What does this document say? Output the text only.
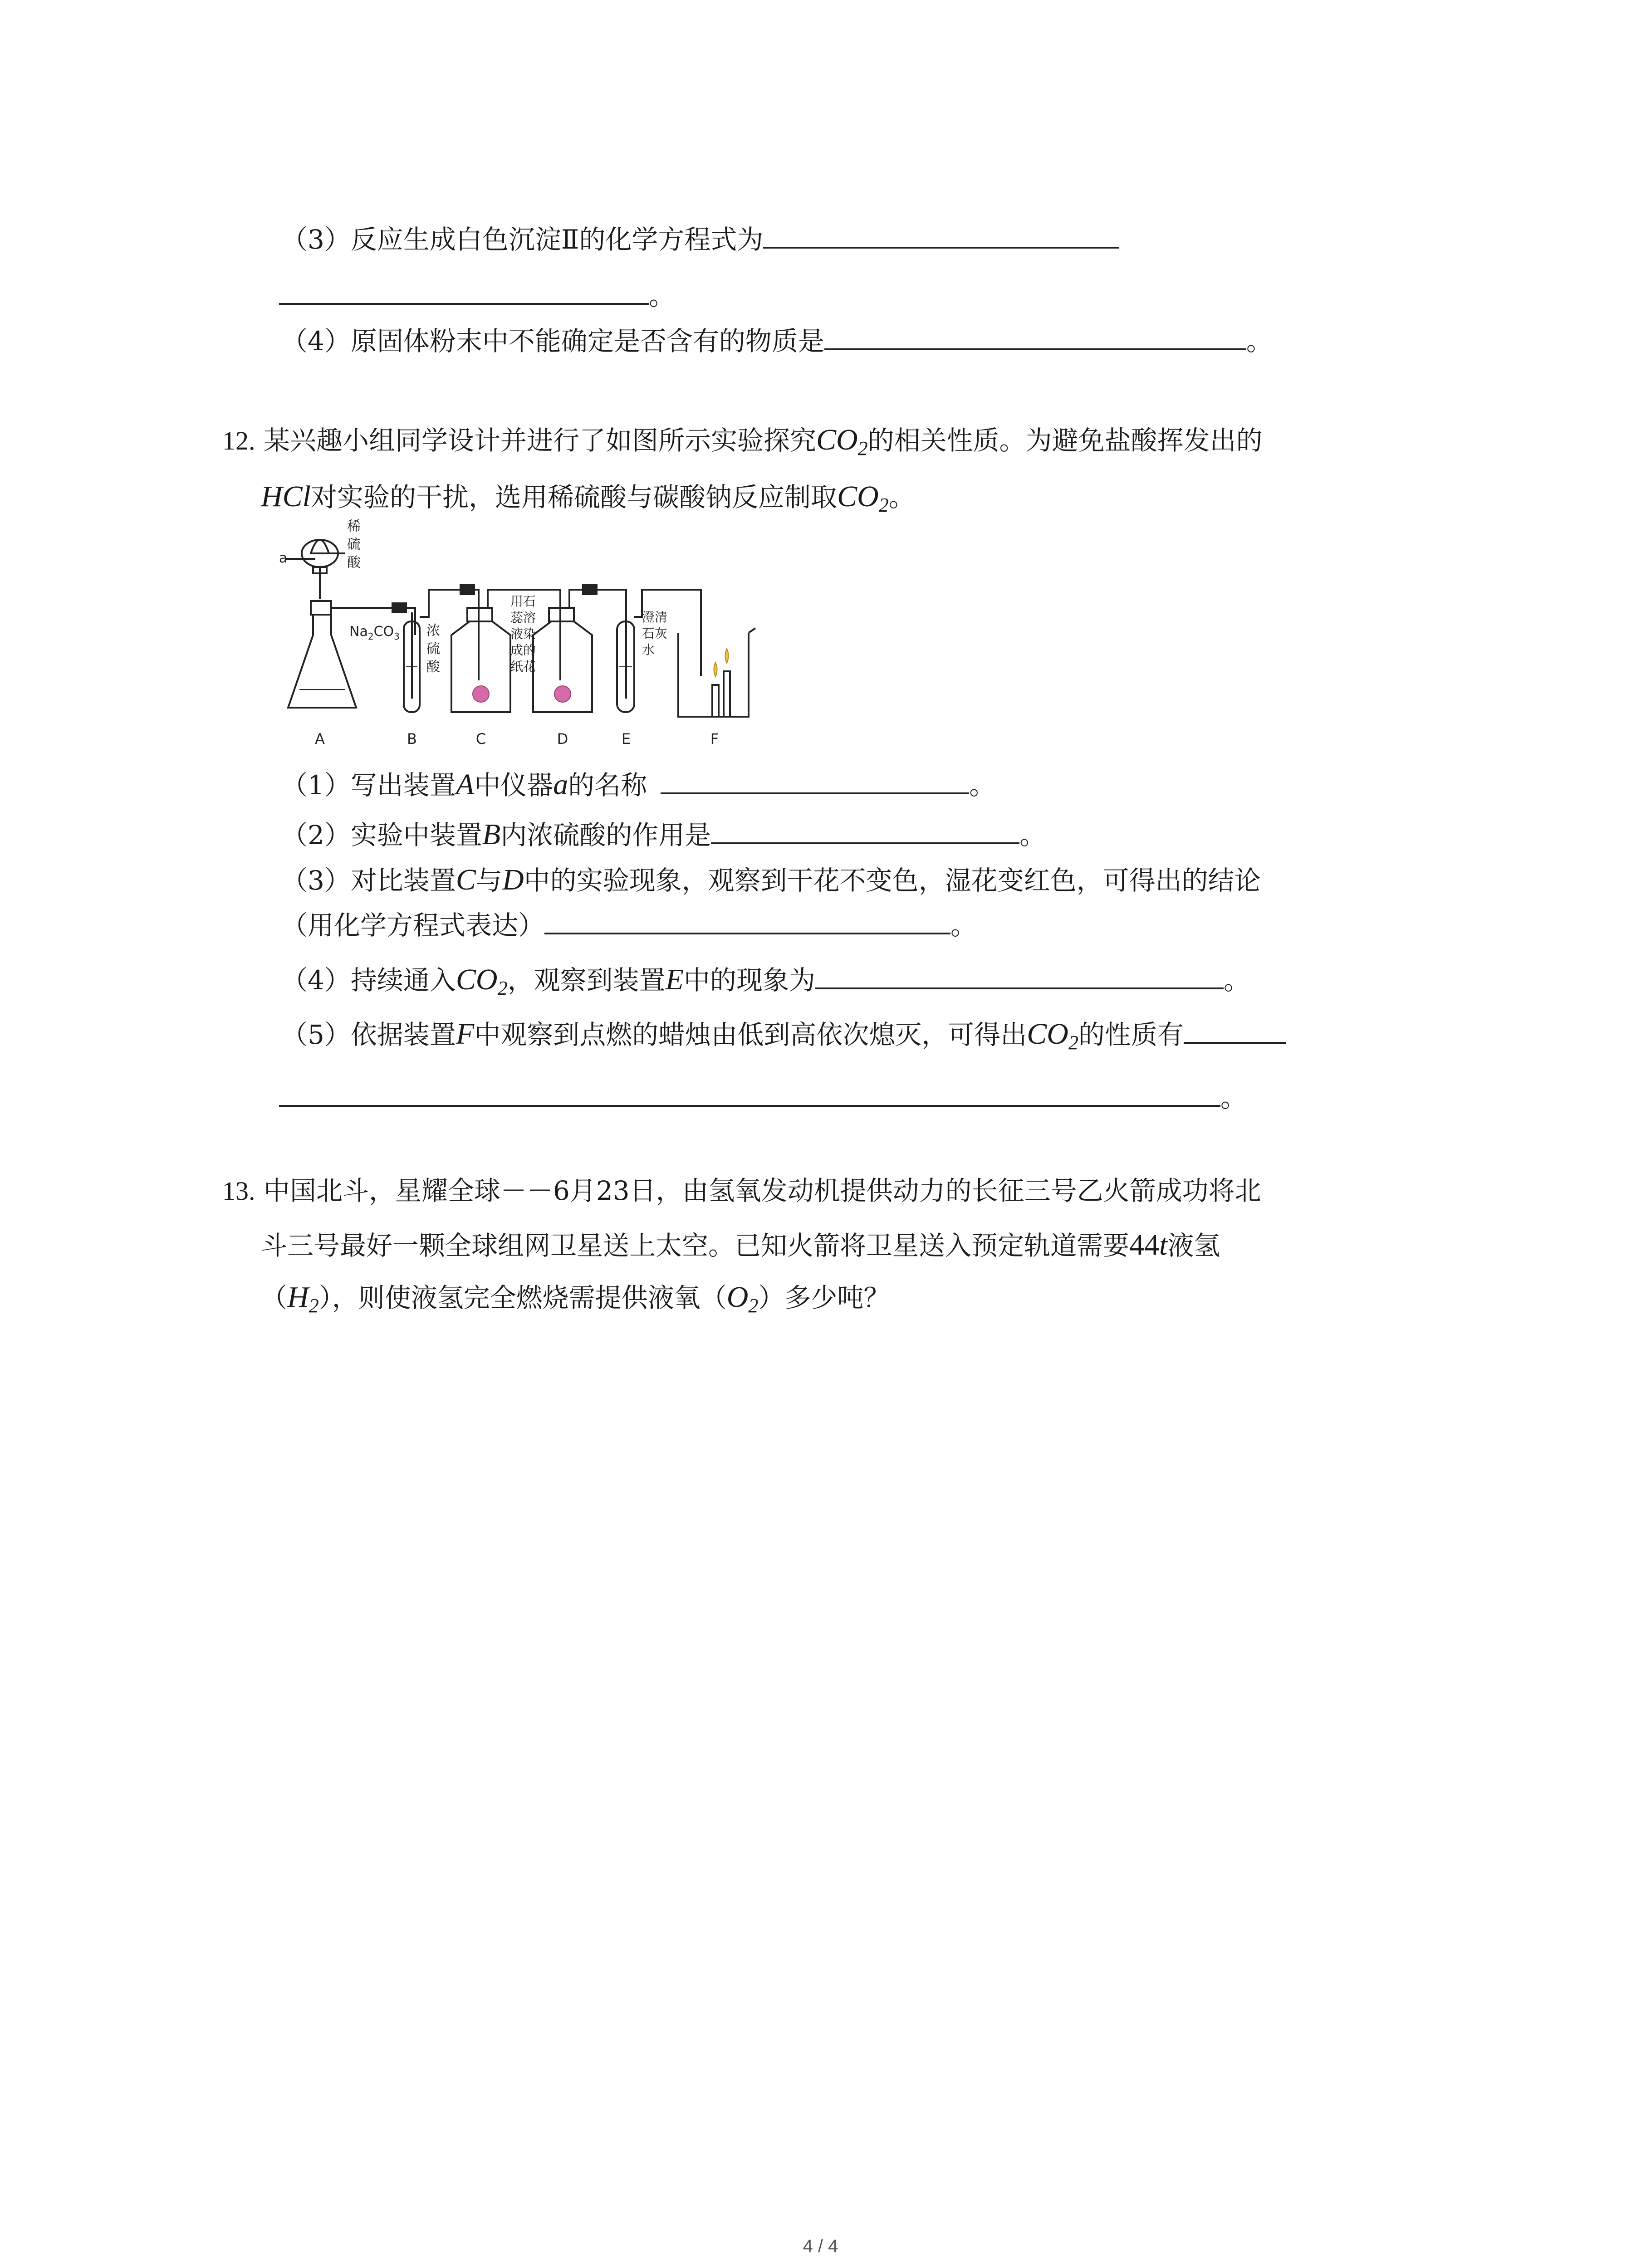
（3）反应生成白色沉淀Ⅱ的化学方程式为
。
（4）原固体粉末中不能确定是否含有的物质是	。
12. 某兴趣小组同学设计并进行了如图所示实验探究$CO_2$的相关性质。为避免盐酸挥发出的
HCl对实验的干扰，选用稀硫酸与碳酸钠反应制取$CO_2$。
a
稀 硫 酸
$Na_2CO_3$ 浓 硫 酸
用石 蕊溶 液染 成的 纸花
澄清 石灰 水
A	B	C	D	E	F
（1）写出装置A中仪器a的名称	。
（2）实验中装置B内浓硫酸的作用是	。
（3）对比装置C与D中的实验现象，观察到干花不变色，湿花变红色，可得出的结论
（用化学方程式表达）	。
（4）持续通入$CO_2$，观察到装置E中的现象为	。
（5）依据装置F中观察到点燃的蜡烛由低到高依次熄灭，可得出$CO_2$的性质有
。
13. 中国北斗，星耀全球－－6月23日，由氢氧发动机提供动力的长征三号乙火箭成功将北
斗三号最好一颗全球组网卫星送上太空。已知火箭将卫星送入预定轨道需要44t液氢
$(H_2)$，则使液氢完全燃烧需提供液氧$(O_2)$多少吨？
4 / 4
